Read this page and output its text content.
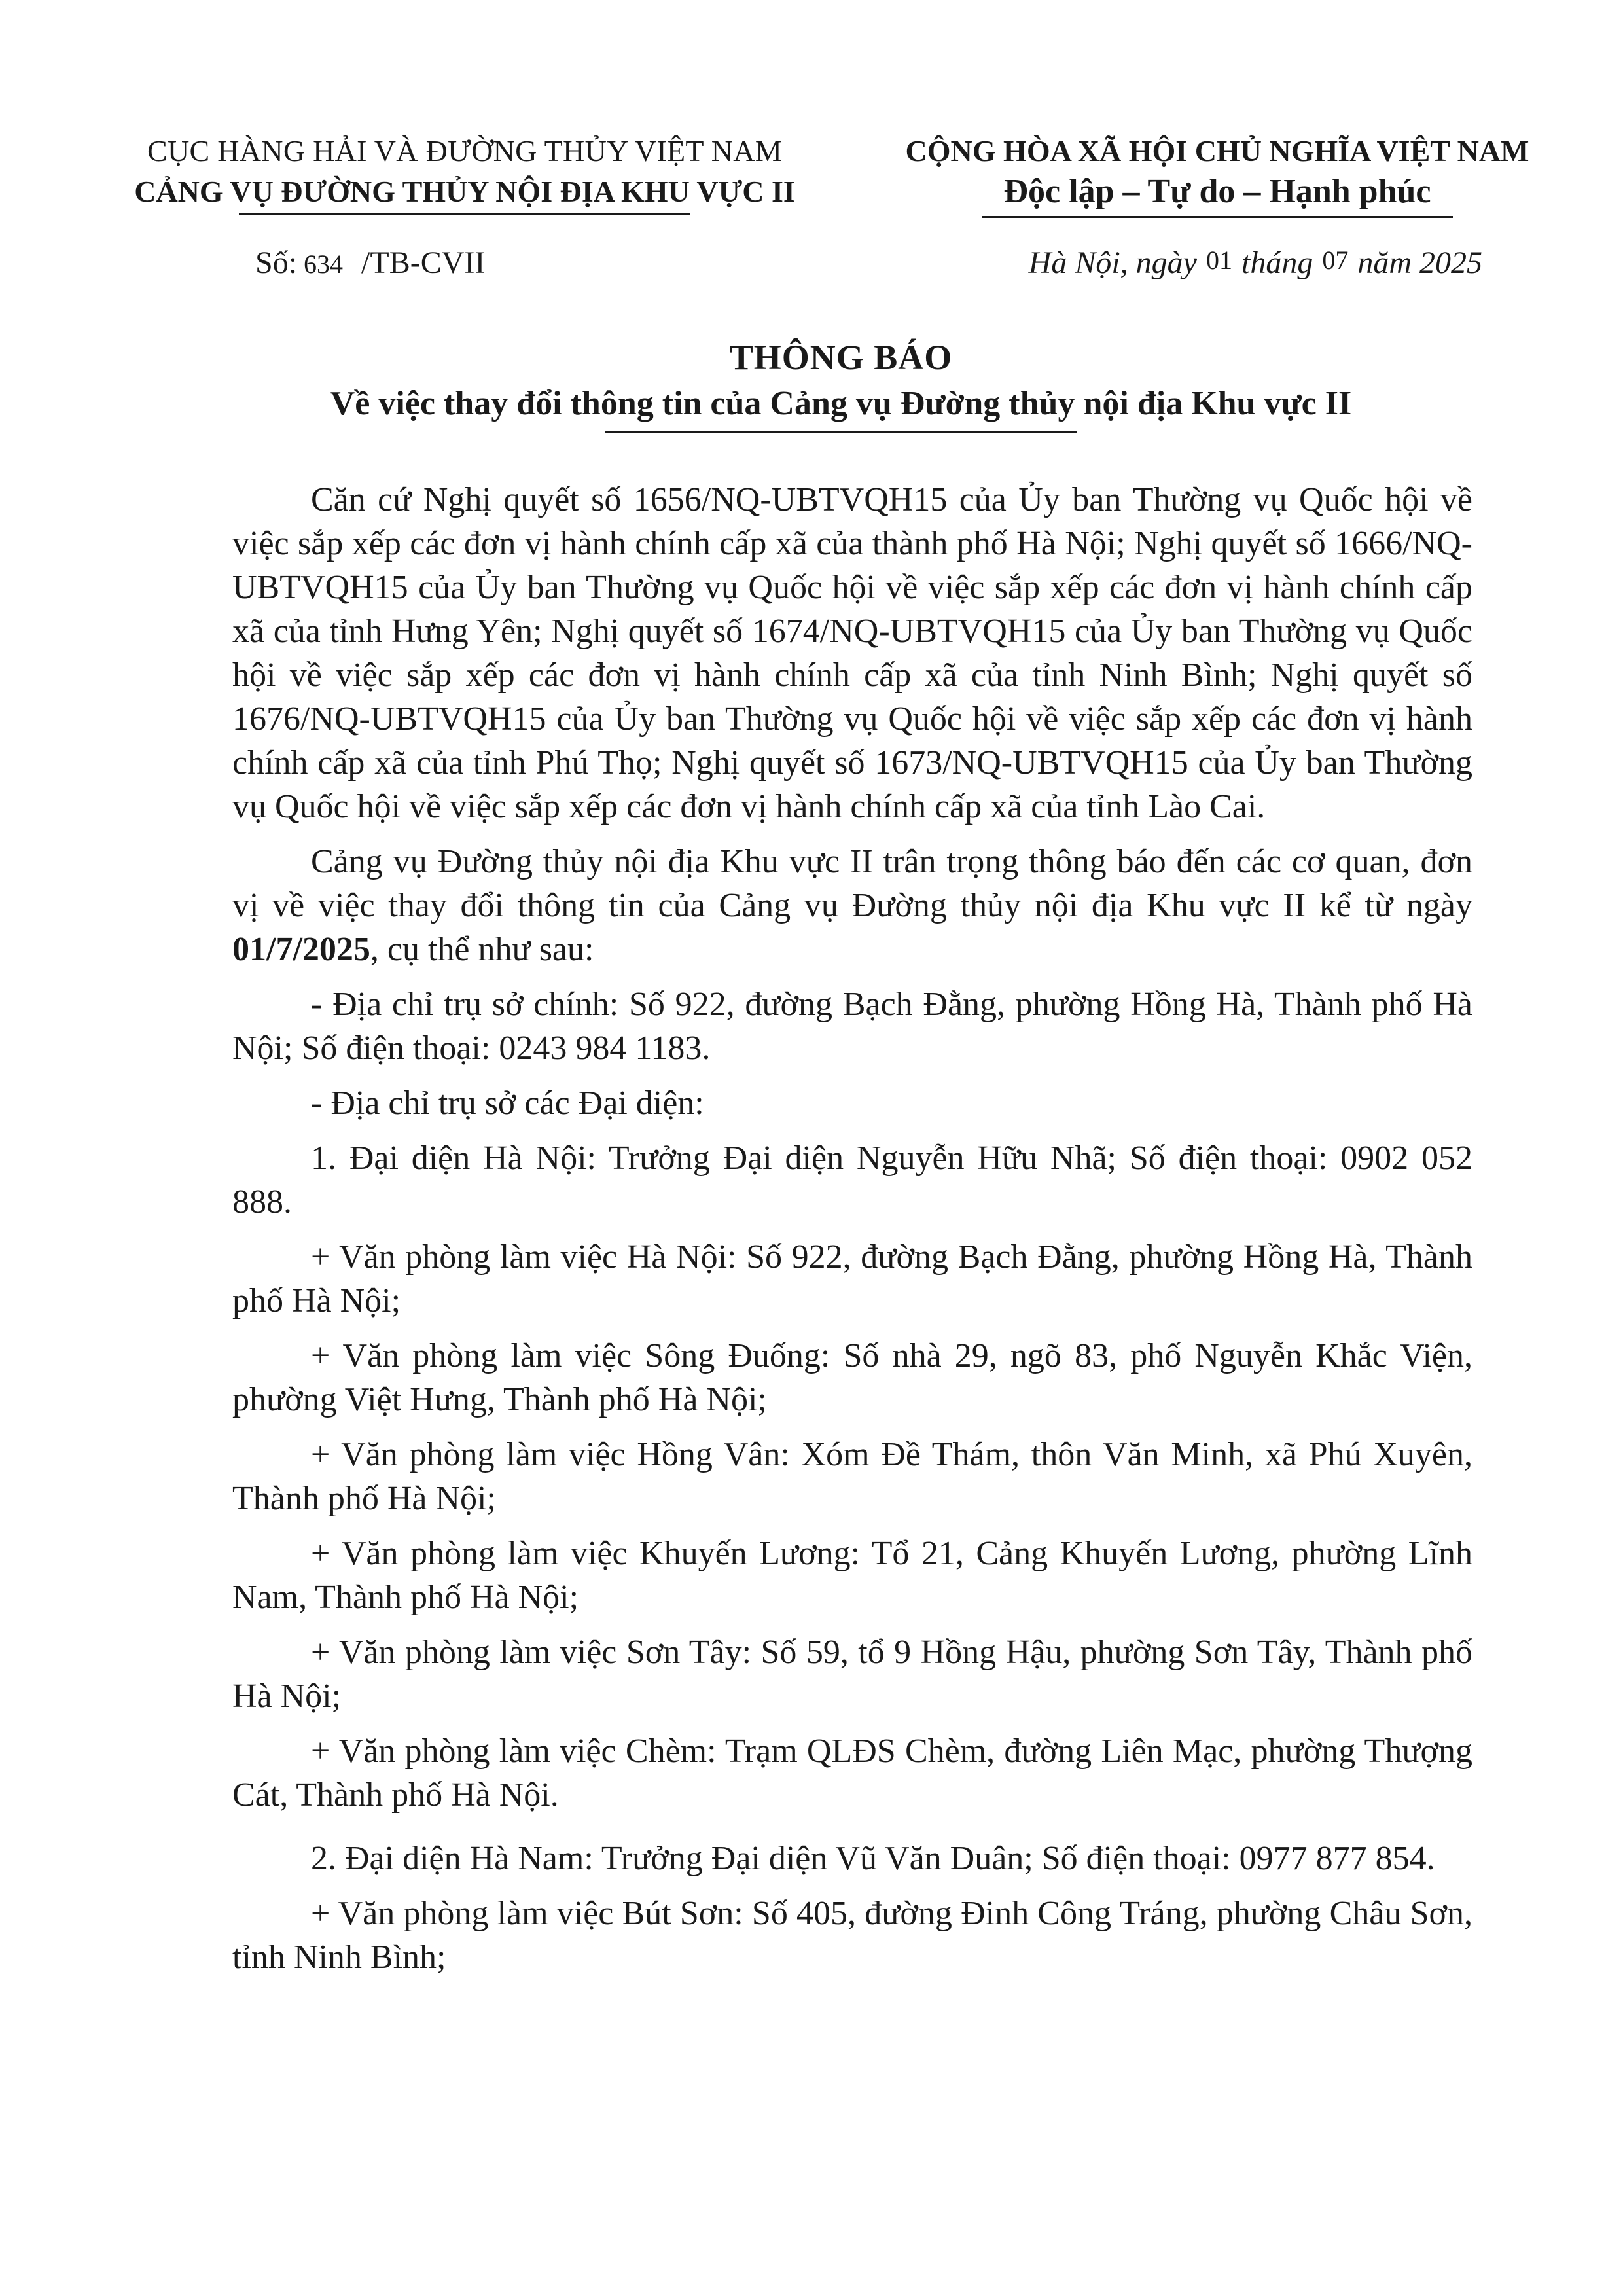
CỤC HÀNG HẢI VÀ ĐƯỜNG THỦY VIỆT NAM
CẢNG VỤ ĐƯỜNG THỦY NỘI ĐỊA KHU VỰC II
CỘNG HÒA XÃ HỘI CHỦ NGHĨA VIỆT NAM
Độc lập – Tự do – Hạnh phúc
Số: 634 /TB-CVII	Hà Nội, ngày 01 tháng 07 năm 2025
THÔNG BÁO
Về việc thay đổi thông tin của Cảng vụ Đường thủy nội địa Khu vực II

Căn cứ Nghị quyết số 1656/NQ-UBTVQH15 của Ủy ban Thường vụ Quốc hội về việc sắp xếp các đơn vị hành chính cấp xã của thành phố Hà Nội; Nghị quyết số 1666/NQ-UBTVQH15 của Ủy ban Thường vụ Quốc hội về việc sắp xếp các đơn vị hành chính cấp xã của tỉnh Hưng Yên; Nghị quyết số 1674/NQ-UBTVQH15 của Ủy ban Thường vụ Quốc hội về việc sắp xếp các đơn vị hành chính cấp xã của tỉnh Ninh Bình; Nghị quyết số 1676/NQ-UBTVQH15 của Ủy ban Thường vụ Quốc hội về việc sắp xếp các đơn vị hành chính cấp xã của tỉnh Phú Thọ; Nghị quyết số 1673/NQ-UBTVQH15 của Ủy ban Thường vụ Quốc hội về việc sắp xếp các đơn vị hành chính cấp xã của tỉnh Lào Cai.

Cảng vụ Đường thủy nội địa Khu vực II trân trọng thông báo đến các cơ quan, đơn vị về việc thay đổi thông tin của Cảng vụ Đường thủy nội địa Khu vực II kể từ ngày 01/7/2025, cụ thể như sau:

- Địa chỉ trụ sở chính: Số 922, đường Bạch Đằng, phường Hồng Hà, Thành phố Hà Nội; Số điện thoại: 0243 984 1183.

- Địa chỉ trụ sở các Đại diện:

1. Đại diện Hà Nội: Trưởng Đại diện Nguyễn Hữu Nhã; Số điện thoại: 0902 052 888.

+ Văn phòng làm việc Hà Nội: Số 922, đường Bạch Đằng, phường Hồng Hà, Thành phố Hà Nội;

+ Văn phòng làm việc Sông Đuống: Số nhà 29, ngõ 83, phố Nguyễn Khắc Viện, phường Việt Hưng, Thành phố Hà Nội;

+ Văn phòng làm việc Hồng Vân: Xóm Đề Thám, thôn Văn Minh, xã Phú Xuyên, Thành phố Hà Nội;

+ Văn phòng làm việc Khuyến Lương: Tổ 21, Cảng Khuyến Lương, phường Lĩnh Nam, Thành phố Hà Nội;

+ Văn phòng làm việc Sơn Tây: Số 59, tổ 9 Hồng Hậu, phường Sơn Tây, Thành phố Hà Nội;

+ Văn phòng làm việc Chèm: Trạm QLĐS Chèm, đường Liên Mạc, phường Thượng Cát, Thành phố Hà Nội.

2. Đại diện Hà Nam: Trưởng Đại diện Vũ Văn Duân; Số điện thoại: 0977 877 854.

+ Văn phòng làm việc Bút Sơn: Số 405, đường Đinh Công Tráng, phường Châu Sơn, tỉnh Ninh Bình;
